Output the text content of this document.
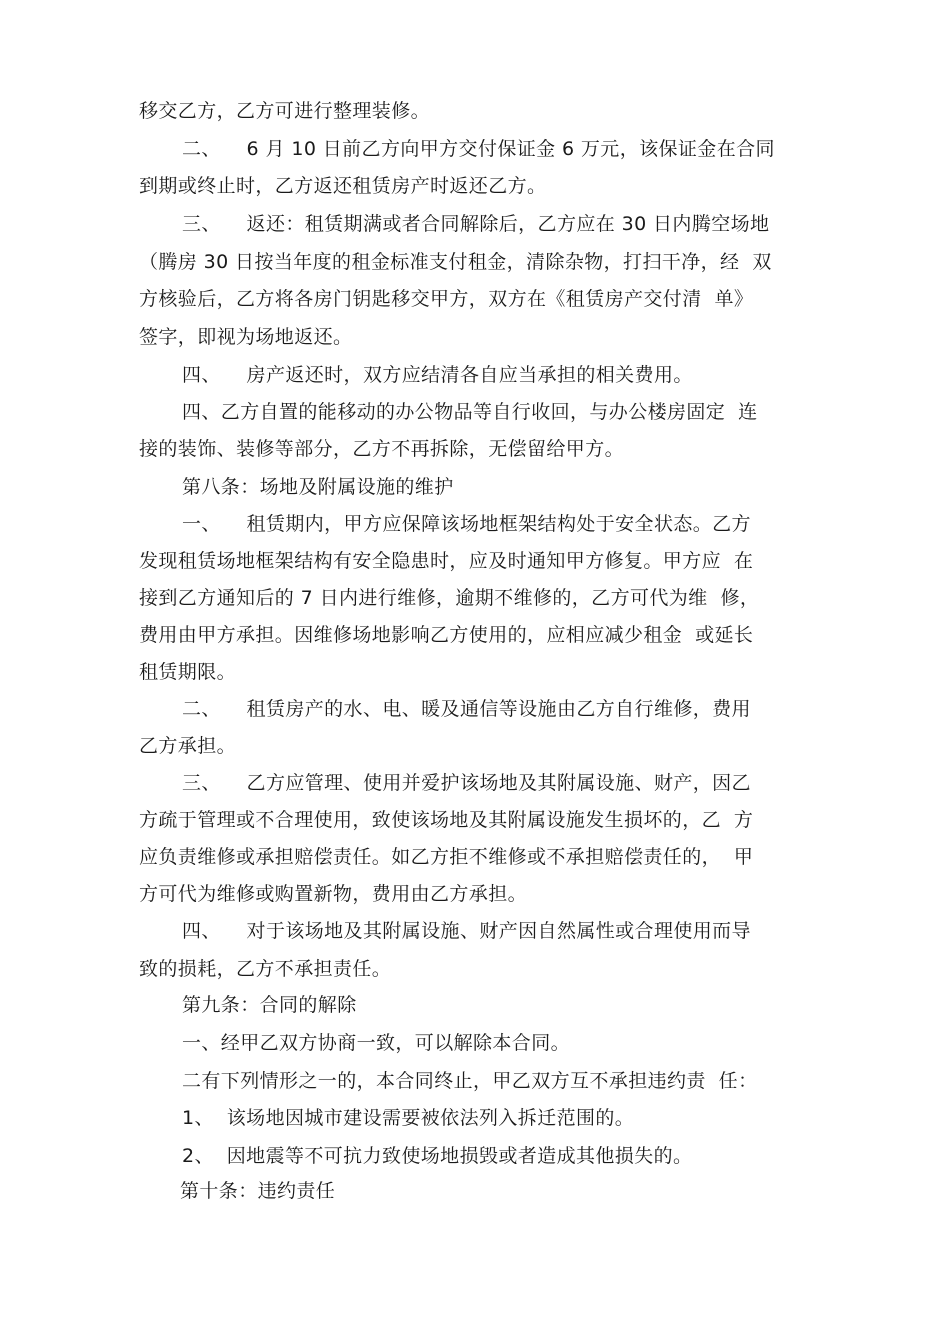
移交乙方，乙方可进行整理装修。
二、    6 月 10 日前乙方向甲方交付保证金 6 万元，该保证金在合同
到期或终止时，乙方返还租赁房产时返还乙方。
三、    返还：租赁期满或者合同解除后，乙方应在 30 日内腾空场地
（腾房 30 日按当年度的租金标准支付租金，清除杂物，打扫干净，经  双
方核验后，乙方将各房门钥匙移交甲方，双方在《租赁房产交付清  单》
签字，即视为场地返还。
四、    房产返还时，双方应结清各自应当承担的相关费用。
四、乙方自置的能移动的办公物品等自行收回，与办公楼房固定  连
接的装饰、装修等部分，乙方不再拆除，无偿留给甲方。
第八条：场地及附属设施的维护
一、    租赁期内，甲方应保障该场地框架结构处于安全状态。乙方
发现租赁场地框架结构有安全隐患时，应及时通知甲方修复。甲方应  在
接到乙方通知后的 7 日内进行维修，逾期不维修的，乙方可代为维  修，
费用由甲方承担。因维修场地影响乙方使用的，应相应减少租金  或延长
租赁期限。
二、    租赁房产的水、电、暖及通信等设施由乙方自行维修，费用
乙方承担。
三、    乙方应管理、使用并爱护该场地及其附属设施、财产，因乙
方疏于管理或不合理使用，致使该场地及其附属设施发生损坏的，乙  方
应负责维修或承担赔偿责任。如乙方拒不维修或不承担赔偿责任的，  甲
方可代为维修或购置新物，费用由乙方承担。
四、    对于该场地及其附属设施、财产因自然属性或合理使用而导
致的损耗，乙方不承担责任。
第九条：合同的解除
一、经甲乙双方协商一致，可以解除本合同。
二有下列情形之一的，本合同终止，甲乙双方互不承担违约责  任：
1、  该场地因城市建设需要被依法列入拆迁范围的。
2、  因地震等不可抗力致使场地损毁或者造成其他损失的。
第十条：违约责任
